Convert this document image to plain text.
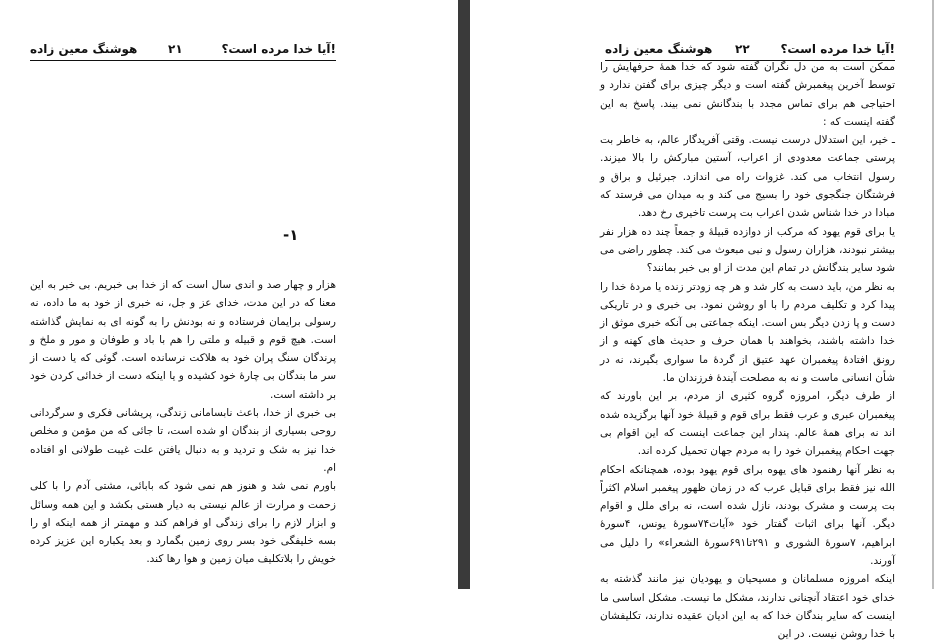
آیا خدا مرده است؟!
۲۱
هوشنگ معین زاده
-۱

هزار و چهار صد و اندی سال است که از خدا بی خبریم. بی خبر به این معنا که در این مدت، خدای عز و جل، نه خبری از خود به ما داده، نه رسولی برایمان فرستاده و نه بودنش را به گونه ای به نمایش گذاشته است. هیچ قوم و قبیله و ملتی را هم با باد و طوفان و مور و ملخ و پرندگان سنگ پران خود به هلاکت نرسانده است. گوئی که یا دست از سر ما بندگان بی چارهٔ خود کشیده و یا اینکه دست از خدائی کردن خود بر داشته است.

بی خبری از خدا، باعث نابسامانی زندگی، پریشانی فکری و سرگردانی روحی بسیاری از بندگان او شده است، تا جائی که من مؤمن و مخلص خدا نیز به شک و تردید و به دنبال یافتن علت غیبت طولانی او افتاده ام.

باورم نمی شد و هنوز هم نمی شود که بابائی، مشتی آدم را با کلی زحمت و مرارت از عالم نیستی به دیار هستی بکشد و این همه وسائل و ابزار لازم را برای زندگی او فراهم کند و مهمتر از همه اینکه او را بسه خلیفگی خود بسر روی زمین بگمارد و بعد یکباره این عزیز کرده خویش را بلاتکلیف میان زمین و هوا رها کند.

آیا خدا مرده است؟!
۲۲
هوشنگ معین زاده

ممکن است به من دل نگران گفته شود که خدا همهٔ حرفهایش را توسط آخرین پیغمبرش گفته است و دیگر چیزی برای گفتن ندارد و احتیاجی هم برای تماس مجدد با بندگانش نمی بیند. پاسخ به این گفته اینست که :

ـ خیر، این استدلال درست نیست. وقتی آفریدگار عالم، به خاطر بت پرستی جماعت معدودی از اعراب، آستین مبارکش را بالا میزند. رسول انتخاب می کند. غزوات راه می اندازد. جبرئیل و براق و فرشتگان جنگجوی خود را بسیج می کند و به میدان می فرستد که مبادا در خدا شناس شدن اعراب بت پرست تاخیری رخ دهد.

یا برای قوم یهود که مرکب از دوازده قبیلهٔ و جمعاً چند ده هزار نفر بیشتر نبودند، هزاران رسول و نبی مبعوث می کند. چطور راضی می شود سایر بندگانش در تمام این مدت از او بی خبر بمانند؟

به نظر من، باید دست به کار شد و هر چه زودتر زنده یا مردهٔ خدا را پیدا کرد و تکلیف مردم را با او روشن نمود. بی خبری و در تاریکی دست و پا زدن دیگر بس است. اینکه جماعتی بی آنکه خبری موثق از خدا داشته باشند، بخواهند با همان حرف و حدیث های کهنه و از رونق افتادهٔ پیغمبران عهد عتیق از گردهٔ ما سواری بگیرند، نه در شأن انسانی ماست و نه به مصلحت آیندهٔ فرزندان ما.

از طرف دیگر، امروزه گروه کثیری از مردم، بر این باورند که پیغمبران عبری و عرب فقط برای قوم و قبیلهٔ خود آنها برگزیده شده اند نه برای همهٔ عالم. پندار این جماعت اینست که این اقوام بی جهت احکام پیغمبران خود را به مردم جهان تحمیل کرده اند.

به نظر آنها رهنمود های یهوه برای قوم یهود بوده، همچنانکه احکام الله نیز فقط برای قبایل عرب که در زمان ظهور پیغمبر اسلام اکثراً بت پرست و مشرک بودند، نازل شده است، نه برای ملل و اقوام دیگر. آنها برای اثبات گفتار خود «آیات۷۴سورهٔ یونس، ۴سورهٔ ابراهیم، ۷سورهٔ الشوری و ۲۹۱تا۶۹۱سورهٔ الشعراء» را دلیل می آورند.

اینکه امروزه مسلمانان و مسیحیان و یهودیان نیز مانند گذشته به خدای خود اعتقاد آنچنانی ندارند، مشکل ما نیست. مشکل اساسی ما اینست که سایر بندگان خدا که به این ادیان عقیده ندارند، تکلیفشان با خدا روشن نیست. در این
